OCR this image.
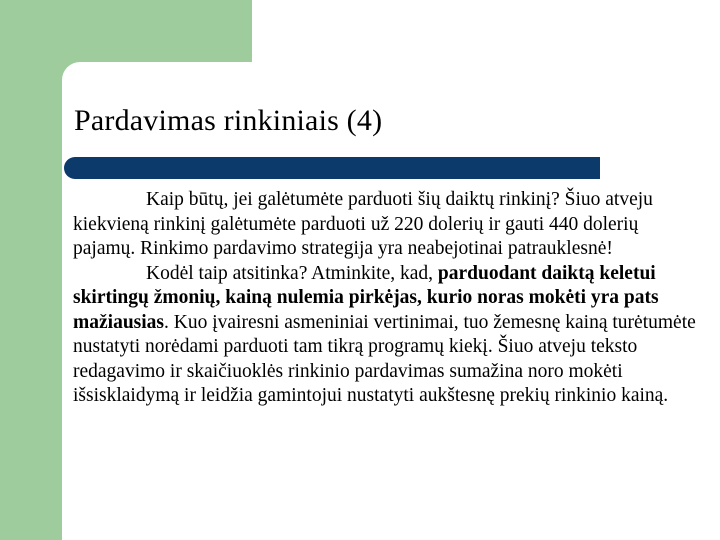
Pardavimas rinkiniais (4)

Kaip būtų, jei galėtumėte parduoti šių daiktų rinkinį? Šiuo atveju kiekvieną rinkinį galėtumėte parduoti už 220 dolerių ir gauti 440 dolerių pajamų. Rinkimo pardavimo strategija yra neabejotinai patrauklesnė!

Kodėl taip atsitinka? Atminkite, kad, parduodant daiktą keletui skirtingų žmonių, kainą nulemia pirkėjas, kurio noras mokėti yra pats mažiausias. Kuo įvairesni asmeniniai vertinimai, tuo žemesnę kainą turėtumėte nustatyti norėdami parduoti tam tikrą programų kiekį. Šiuo atveju teksto redagavimo ir skaičiuoklės rinkinio pardavimas sumažina noro mokėti išsisklaidymą ir leidžia gamintojui nustatyti aukštesnę prekių rinkinio kainą.
